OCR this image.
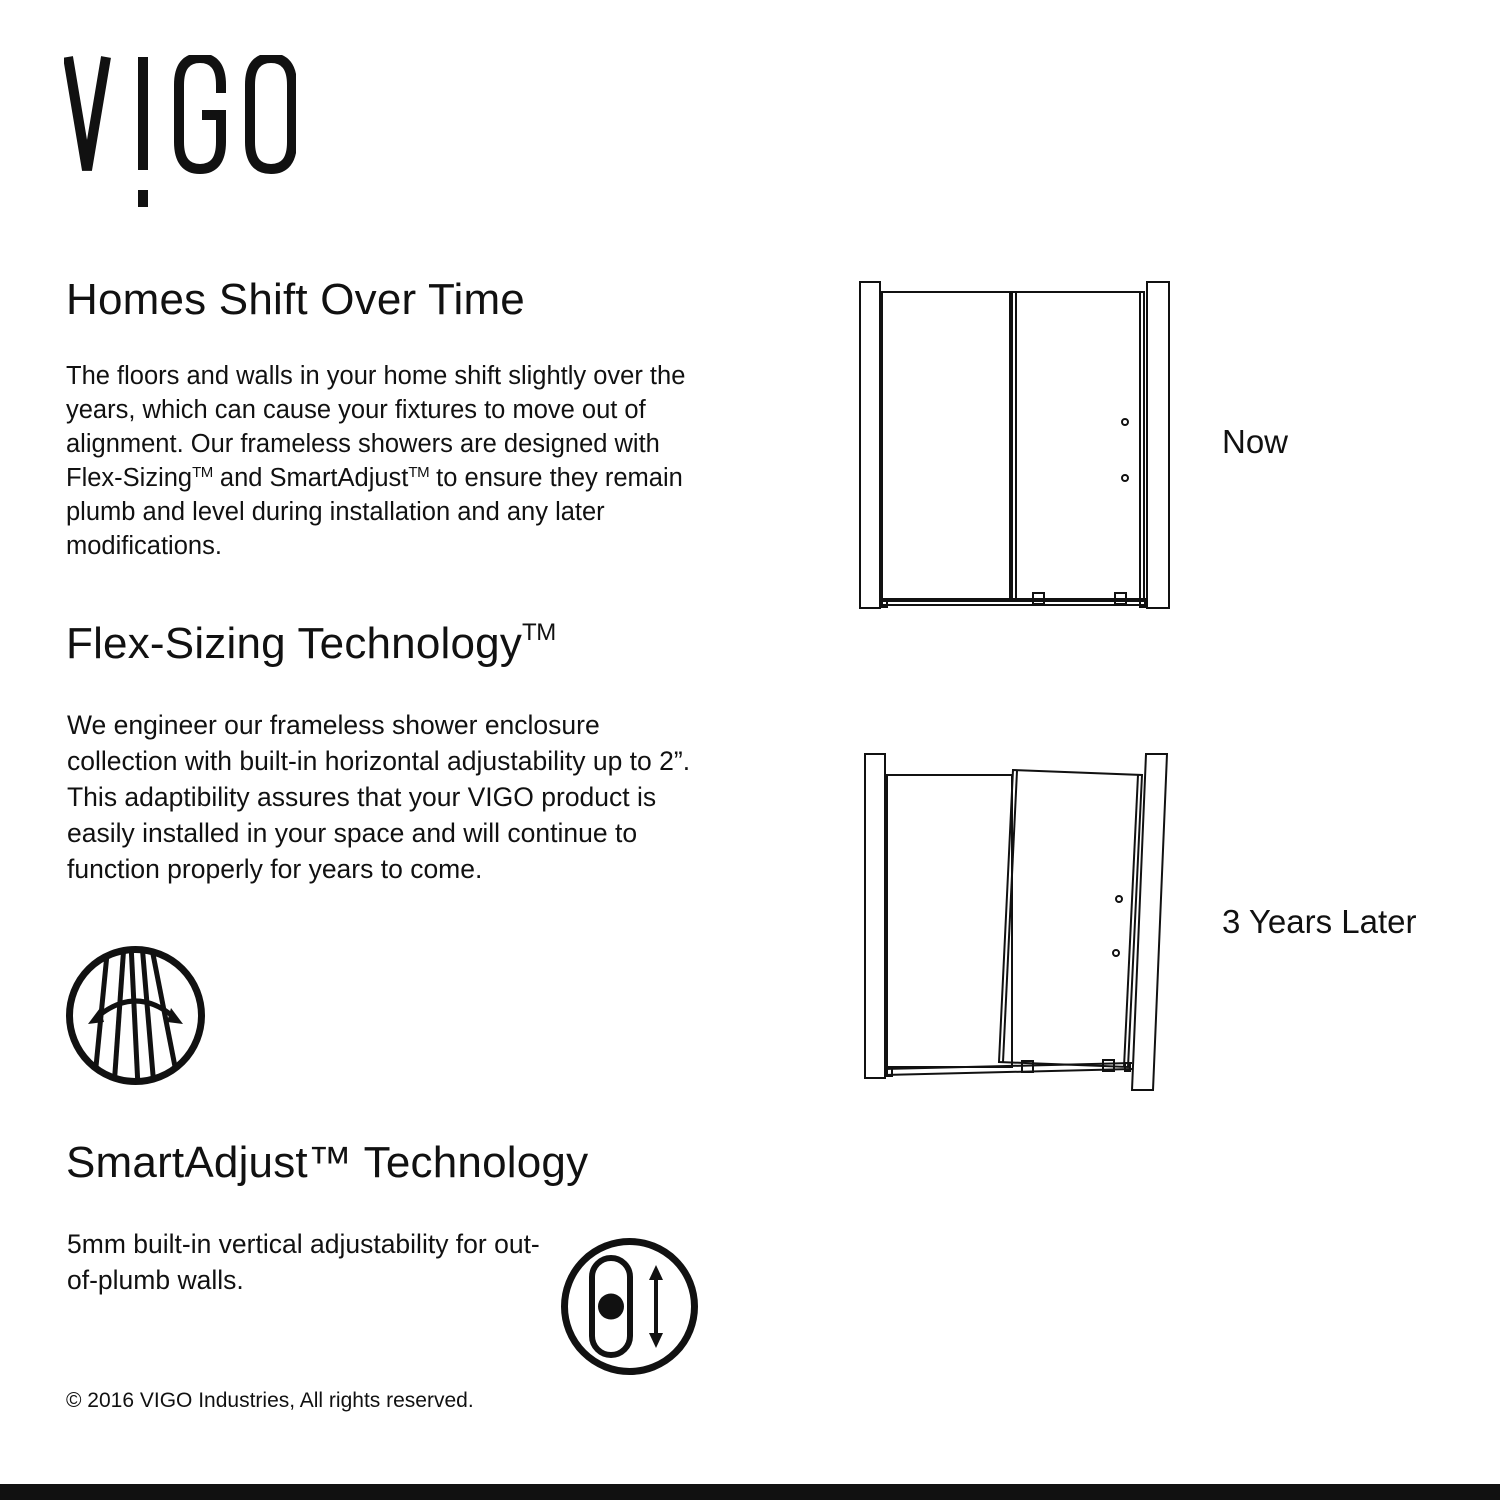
Homes Shift Over Time

The floors and walls in your home shift slightly over the years, which can cause your fixtures to move out of alignment. Our frameless showers are designed with Flex-Sizing™ and SmartAdjust™ to ensure they remain plumb and level during installation and any later modifications.

Flex-Sizing Technology™

We engineer our frameless shower enclosure collection with built-in horizontal adjustability up to 2”. This adaptibility assures that your VIGO product is easily installed in your space and will continue to function properly for years to come.

SmartAdjust™ Technology

5mm built-in vertical adjustability for out-of-plumb walls.

Now

3 Years Later

© 2016 VIGO Industries, All rights reserved.
